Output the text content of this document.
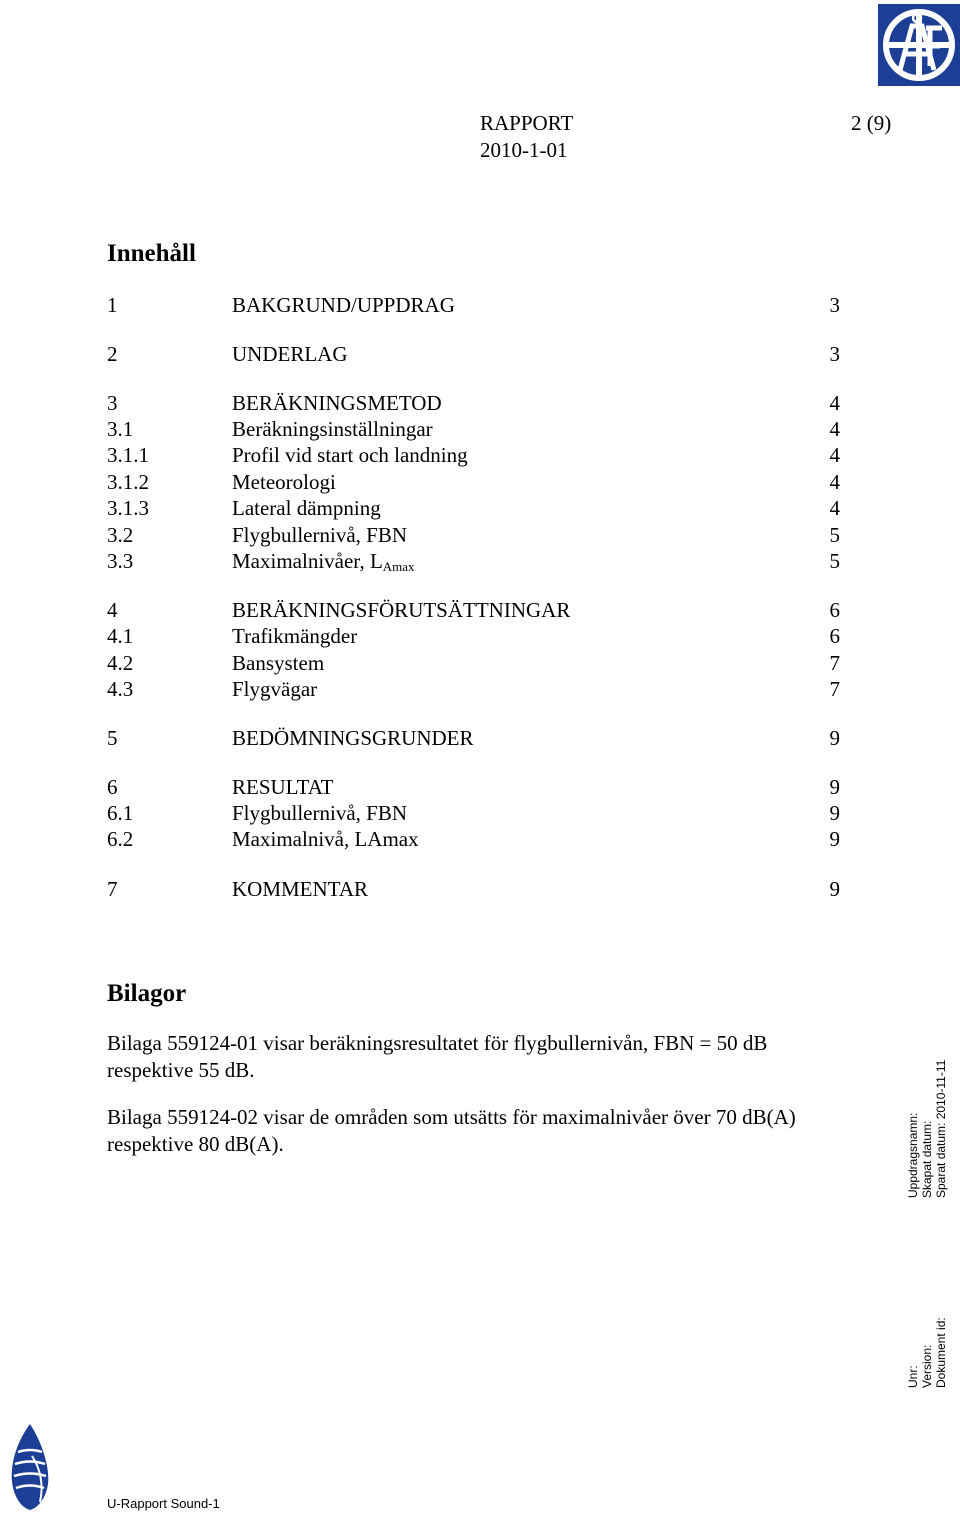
RAPPORT	2 (9)
2010-1-01
Innehåll
1	BAKGRUND/UPPDRAG	3
2	UNDERLAG	3
3	BERÄKNINGSMETOD	4
3.1	Beräkningsinställningar	4
3.1.1	Profil vid start och landning	4
3.1.2	Meteorologi	4
3.1.3	Lateral dämpning	4
3.2	Flygbullernivå, FBN	5
3.3	Maximalnivåer, $L_{Amax}$	5
4	BERÄKNINGSFÖRUTSÄTTNINGAR	6
4.1	Trafikmängder	6
4.2	Bansystem	7
4.3	Flygvägar	7
5	BEDÖMNINGSGRUNDER	9
6	RESULTAT	9
6.1	Flygbullernivå, FBN	9
6.2	Maximalnivå, LAmax	9
7	KOMMENTAR	9
Bilagor
Bilaga 559124-01 visar beräkningsresultatet för flygbullernivån, FBN = 50 dB respektive 55 dB.
Bilaga 559124-02 visar de områden som utsätts för maximalnivåer över 70 dB(A) respektive 80 dB(A).	Uppdragsnamn: Skapat datum: Sparat datum: 2010-11-11
Unr: Version: Dokument id:
U-Rapport Sound-1
